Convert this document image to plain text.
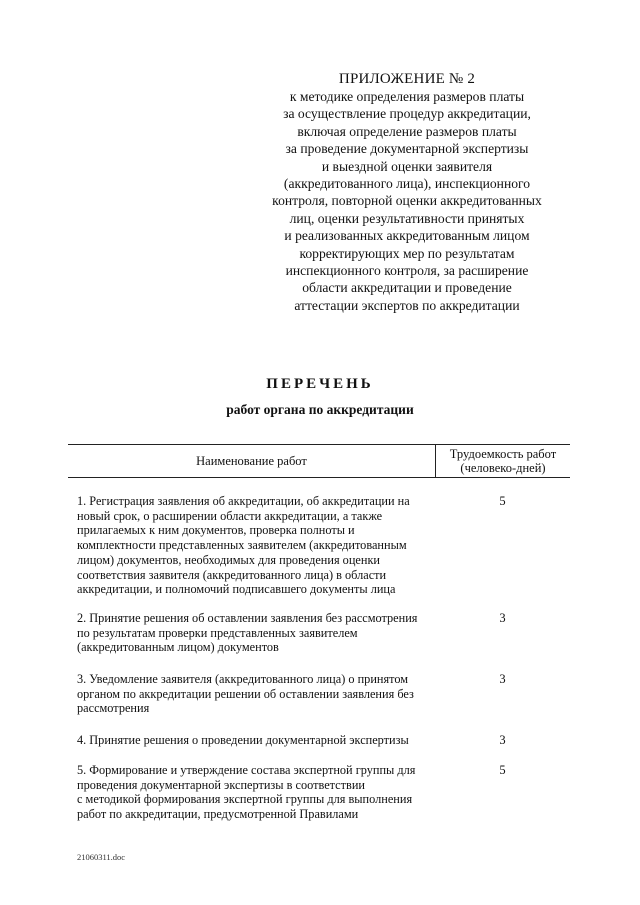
ПРИЛОЖЕНИЕ № 2
к методике определения размеров платы
за осуществление процедур аккредитации,
включая определение размеров платы
за проведение документарной экспертизы
и выездной оценки заявителя
(аккредитованного лица), инспекционного
контроля, повторной оценки аккредитованных
лиц, оценки результативности принятых
и реализованных аккредитованным лицом
корректирующих мер по результатам
инспекционного контроля, за расширение
области аккредитации и проведение
аттестации экспертов по аккредитации
ПЕРЕЧЕНЬ
работ органа по аккредитации
Наименование работ	Трудоемкость работ
(человеко-дней)
1. Регистрация заявления об аккредитации, об аккредитации на
новый срок, о расширении области аккредитации, а также
прилагаемых к ним документов, проверка полноты и
комплектности представленных заявителем (аккредитованным
лицом) документов, необходимых для проведения оценки
соответствия заявителя (аккредитованного лица) в области
аккредитации, и полномочий подписавшего документы лица
5
2. Принятие решения об оставлении заявления без рассмотрения
по результатам проверки представленных заявителем
(аккредитованным лицом) документов
3
3. Уведомление заявителя (аккредитованного лица) о принятом
органом по аккредитации решении об оставлении заявления без
рассмотрения
3
4. Принятие решения о проведении документарной экспертизы	3
5. Формирование и утверждение состава экспертной группы для
проведения документарной экспертизы в соответствии
с методикой формирования экспертной группы для выполнения
работ по аккредитации, предусмотренной Правилами
5
21060311.doc
